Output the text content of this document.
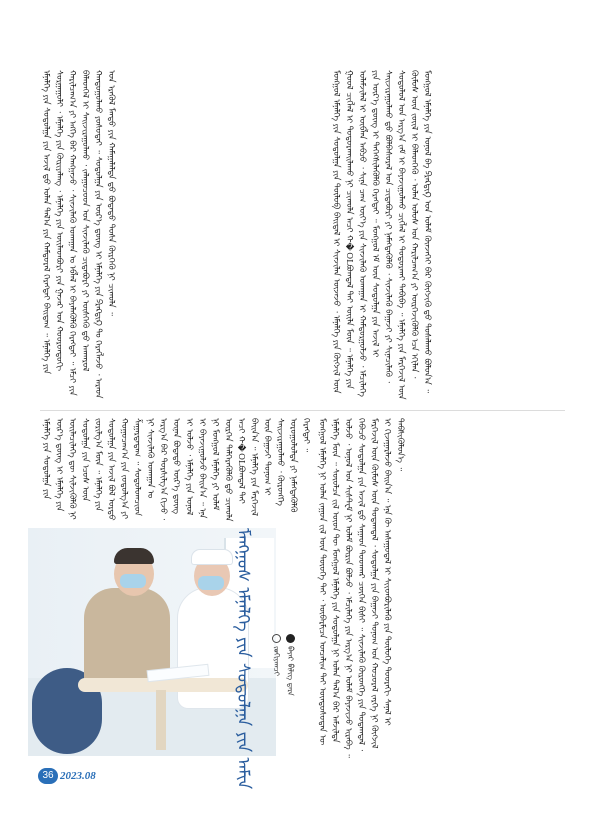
ᠮᠣᠩᠭᠣᠯ ᠡᠮᠨᠡᠯᠭᠡ ᠶᠢᠨ ᠰᠤᠳᠤᠯᠭᠠ ᠶᠢᠨ ᠲᠦᠯᠦᠪ ᠪᠠᠢᠳᠠᠯ ᠢ ᠰᠢᠨᠵᠢᠯᠡᠨ ᠦᠵᠡᠵᠦ ᠂ ᠡᠮᠨᠡᠯᠭᠡ ᠶᠢᠨ ᠬᠥᠭᠵᠢᠯ ᠦᠨ ᠭᠣᠣᠯ ᠴᠢᠭᠯᠡᠯ ᠢ ᠲᠣᠳᠣᠷᠬᠠᠢᠯᠠᠬᠤ ᠨᠢ ᠴᠢᠬᠤᠯᠠ ᠠᠴᠢ ᠬ�OLᠪᠣᠭᠳᠠᠯ ᠲᠠᠢ ᠦᠢᠯᠡ ᠮᠥᠨ ᠃ ᠡᠮᠨᠡᠯᠭᠡ ᠶᠢᠨ ᠤᠯᠠᠮᠵᠢᠯᠠᠯ ᠢ ᠥᠪᠯᠡᠨ ᠠᠪᠴᠤ ᠂ ᠰᠢᠨᠡ ᠴᠠᠭ ᠦᠶ᠎ᠡ ᠶᠢᠨ ᠰᠢᠨᠵᠢᠯᠡᠬᠦ ᠤᠬᠠᠭᠠᠨ ᠢ ᠬᠠᠮᠲᠤᠷᠭᠤᠯᠵᠤ ᠂ ᠡᠮᠴᠢᠯᠡᠭᠡ ᠶᠢᠨ ᠦᠷ᠎ᠡ ᠳ᠋ᠦᠩ ᠢ ᠳᠡᠭᠡᠭᠰᠢᠯᠡᠭᠦᠯᠬᠦ ᠬᠡᠷᠡᠭᠲᠡᠢ ᠃ ᠮᠣᠩᠭᠣᠯ ᠡᠮ ᠦᠨ ᠰᠤᠳᠤᠯᠭᠠ ᠶᠢᠨ ᠠᠵᠢᠯ ᠢ ᠰᠠᠢᠵᠢᠷᠠᠭᠤᠯᠬᠤ ᠳ᠋ᠤ ᠪᠤᠯᠪᠠᠰᠤᠷᠠᠯ ᠤᠨ ᠴᠢᠳᠠᠪᠤᠷᠢ ᠶᠢ ᠨᠡᠮᠡᠭᠳᠡᠭᠦᠯᠬᠦ ᠂ ᠰᠢᠨᠵᠢᠯᠡᠬᠦ ᠪᠠᠭᠠᠵᠢ ᠶᠢ ᠰᠢᠨᠡᠴᠢᠯᠡᠬᠦ ᠂ ᠰᠤᠳᠤᠯᠤᠯ ᠤᠨ ᠠᠷᠭ᠎ᠠ ᠵᠠᠮ ᠢ ᠪᠠᠶᠠᠵᠢᠭᠤᠯᠬᠤ ᠴᠢᠭᠯᠡᠯ ᠢ ᠲᠣᠳᠣᠷᠬᠠᠢ ᠲᠠᠪᠢᠪᠠ ᠃ ᠡᠮᠨᠡᠯᠭᠡ ᠶᠢᠨ ᠮᠡᠷᠭᠡᠵᠢᠯ ᠦᠨ ᠬᠦᠮᠦᠰ ᠦᠨ ᠵᠦᠢᠯ ᠢ ᠪᠡᠯᠡᠳᠬᠡᠬᠦ ᠂ ᠣᠯᠠᠨ ᠤᠯᠤᠰ ᠤᠨ ᠬᠠᠷᠢᠯᠴᠠᠭ᠎ᠠ ᠶᠢ ᠥᠷᠭᠡᠵᠢᠭᠦᠯᠬᠦ ᠡᠴᠡ ᠡᠬᠢᠯᠡᠨ ᠂ ᠮᠣᠩᠭᠣᠯ ᠡᠮᠨᠡᠯᠭᠡ ᠶᠢᠨ ᠣᠨᠣᠯ ᠪᠠ ᠫᠷᠠᠺᠲᠢᠺ ᠤᠨ ᠤᠯᠠᠮ ᠭᠦᠨᠵᠡᠭᠡᠢ ᠪᠠᠷ ᠬᠥᠭᠵᠢᠬᠦ ᠳ᠋ᠦ ᠲᠤᠰᠠᠯᠠᠬᠤ ᠪᠤᠯᠤᠨ᠎ᠠ ᠃

ᠡᠮᠨᠡᠯᠭᠡ ᠶᠢᠨ ᠰᠤᠳᠤᠯᠭᠠ ᠶᠢᠨ ᠠᠵᠢᠯ ᠳ᠋ᠤ ᠣᠯᠠᠨ ᠲᠠᠯ᠎ᠠ ᠶᠢᠨ ᠬᠠᠮᠲᠤᠷᠠᠯ ᠬᠡᠷᠡᠭᠲᠡᠢ ᠪᠠᠢᠳᠠᠭ ᠃ ᠡᠮᠨᠡᠯᠭᠡ ᠶᠢᠨ ᠰᠤᠷᠭᠠᠭᠤᠯᠢ ᠂ ᠡᠮᠨᠡᠯᠭᠡ ᠶᠢᠨ ᠬᠦᠷᠢᠶᠡᠯᠡᠩ ᠂ ᠡᠮᠨᠡᠯᠭᠡ ᠶᠢᠨ ᠦᠢᠯᠡᠳᠪᠦᠷᠢ ᠶᠢᠨ ᠭᠠᠵᠠᠷ ᠤᠨ ᠬᠣᠣᠷᠣᠨᠳᠣᠬᠢ ᠬᠠᠷᠢᠯᠴᠠᠭ᠎ᠠ ᠶᠢ ᠡᠩᠬᠡ ᠪᠠᠷ ᠬᠠᠩᠭᠠᠵᠤ ᠂ ᠰᠢᠨᠵᠢᠯᠡᠬᠦ ᠤᠬᠠᠭᠠᠨ ᠤ ᠡᠪᠯᠡᠯ ᠢ ᠪᠡᠶᠡᠯᠡᠭᠦᠯᠬᠦ ᠬᠡᠷᠡᠭᠲᠡᠢ ᠃ ᠡᠮᠴᠢ ᠶᠢᠨ ᠪᠡᠯᠡᠳᠬᠡᠯ ᠢ ᠰᠠᠢᠵᠢᠷᠠᠭᠤᠯᠬᠤ ᠂ ᠵᠠᠯᠠᠭᠤᠴᠤᠳ ᠤᠨ ᠰᠢᠨᠵᠢᠯᠡᠬᠦ ᠴᠢᠳᠠᠪᠤᠷᠢ ᠶᠢ ᠥᠰᠭᠡᠬᠦ ᠳ᠋ᠤ ᠠᠨᠬᠠᠷᠤᠯ ᠬᠠᠨᠳᠤᠭᠤᠯᠬᠤ ᠶᠣᠰᠣᠲᠠᠢ ᠃ ᠰᠤᠳᠤᠯᠭᠠ ᠶᠢᠨ ᠦᠷ᠎ᠡ ᠳ᠋ᠦᠩ ᠢ ᠡᠮᠨᠡᠯᠭᠡ ᠶᠢᠨ ᠫᠷᠠᠺᠲᠢᠺ ᠲᠤ ᠬᠡᠷᠡᠭᠯᠡᠵᠦ ᠂ ᠠᠷᠠᠳ ᠤᠨ ᠡᠷᠡᠭᠦᠯ ᠮᠡᠨᠳᠦ ᠶᠢᠨ ᠬᠠᠮᠠᠭᠠᠯᠠᠯᠲᠠ ᠳ᠋ᠤ ᠪᠣᠳᠠᠲᠤ ᠲᠤᠰᠠ ᠬᠦᠷᠭᠡᠬᠦ ᠨᠢ ᠴᠢᠬᠤᠯᠠ ᠃

ᠮᠣᠩᠭᠣᠯ ᠡᠮᠨᠡᠯᠭᠡ ᠨᠢ ᠣᠯᠠᠨ ᠵᠠᠭᠤᠨ ᠵᠢᠯ ᠦᠨ ᠲᠦᠦᠬᠡ ᠲᠠᠢ ᠂ ᠥᠪᠡᠷᠮᠢᠴᠡ ᠣᠨᠴᠠᠯᠢᠭ ᠲᠠᠢ ᠦᠨᠳᠦᠰᠦᠲᠡᠨ ᠦ ᠡᠮᠨᠡᠯᠭᠡ ᠮᠥᠨ ᠃ ᠰᠦᠦᠯᠴᠡ ᠵᠢᠯ ᠦᠳ ᠲᠦ ᠮᠣᠩᠭᠣᠯ ᠡᠮᠨᠡᠯᠭᠡ ᠶᠢᠨ ᠰᠤᠳᠤᠯᠭᠠ ᠨᠢ ᠣᠯᠠᠨ ᠲᠠᠯ᠎ᠠ ᠪᠠᠷ ᠠᠮᠵᠢᠯᠲᠠ ᠣᠯᠵᠤ ᠂ ᠣᠨᠣᠯ ᠤᠨ ᠰᠢᠰᠲ᠋ᠧᠮ ᠨᠢ ᠤᠯᠠᠮ ᠪᠦᠷᠢᠨ ᠪᠣᠯᠵᠤ ᠂ ᠡᠮᠴᠢᠯᠡᠭᠡ ᠶᠢᠨ ᠠᠷᠭ᠎ᠠ ᠨᠢ ᠤᠯᠠᠮ ᠪᠠᠶᠠᠵᠢᠵᠤ ᠢᠷᠡᠪᠡ ᠃ ᠭᠡᠪᠡᠴᠦ ᠰᠤᠳᠤᠯᠭᠠ ᠶᠢᠨ ᠠᠵᠢᠯ ᠳ᠋ᠤ ᠰᠠᠭᠠᠳ ᠲᠤᠳᠬᠠᠷ ᠴᠥᠭᠡᠨ ᠪᠢᠰᠢ ᠃ ᠰᠢᠨᠵᠢᠯᠡᠬᠦ ᠬᠥᠷᠦᠩᠭᠡ ᠶᠢᠨ ᠳᠤᠲᠠᠭᠳᠠᠯ ᠂ ᠮᠡᠷᠭᠡᠵᠢᠯ ᠦᠨ ᠬᠦᠮᠦᠰ ᠦᠨ ᠳᠤᠲᠠᠭᠳᠠᠯ ᠂ ᠰᠤᠳᠤᠯᠭᠠ ᠶᠢᠨ ᠪᠠᠭᠠᠵᠢ ᠲᠣᠨᠣᠭ ᠤᠨ ᠬᠣᠴᠤᠷᠠᠯ ᠵᠡᠷᠭᠡ ᠨᠢ ᠬᠥᠭᠵᠢᠯ ᠢ ᠬᠢᠵᠠᠭᠠᠷᠯᠠᠵᠤ ᠪᠠᠢᠨ᠎ᠠ ᠃ ᠡᠨᠡ ᠬᠦ ᠠᠰᠠᠭᠤᠳᠠᠯ ᠢ ᠰᠢᠢᠳᠪᠦᠷᠢᠯᠡᠬᠦ ᠶᠢᠨ ᠲᠥᠯᠦᠭᠡ ᠳᠣᠣᠷᠠᠬᠢ ᠰᠠᠨᠠᠯ ᠢ ᠳᠡᠪᠰᠢᠭᠦᠯᠦᠨ᠎ᠡ ᠃

ᠡᠮᠨᠡᠯᠭᠡ ᠶᠢᠨ ᠰᠤᠳᠤᠯᠭᠠ ᠶᠢᠨ ᠦᠷ᠎ᠡ ᠳ᠋ᠦᠩ ᠢ ᠡᠮᠨᠡᠯᠭᠡ ᠶᠢᠨ ᠦᠢᠯᠡᠴᠢᠯᠡᠭᠡ ᠳᠦ ᠰᠢᠯᠵᠢᠭᠦᠯᠬᠦ ᠨᠢ ᠰᠤᠳᠤᠯᠭᠠ ᠶᠢᠨ ᠡᠴᠦᠰ ᠦᠨ ᠵᠣᠷᠢᠯᠭ᠎ᠠ ᠮᠥᠨ ᠃ ᠡᠮᠨᠡᠯᠭᠡ ᠶᠢᠨ ᠰᠤᠳᠤᠯᠭᠠ ᠶᠢᠨ ᠠᠵᠢᠯ ᠪᠣᠯ ᠤᠷᠲᠤ ᠬᠤᠭᠤᠴᠠᠭ᠎ᠠ ᠶᠢᠨ ᠵᠣᠳᠣᠯᠭ᠎ᠠ ᠶᠢ ᠱᠠᠭᠠᠷᠳᠠᠳᠠᠭ ᠃ ᠰᠤᠳᠤᠯᠤᠭᠴᠢᠳ ᠨᠢ ᠰᠢᠨᠵᠢᠯᠡᠬᠦ ᠤᠬᠠᠭᠠᠨ ᠤ ᠠᠷᠭ᠎ᠠ ᠪᠠᠷ ᠲᠤᠷᠰᠢᠯᠭ᠎ᠠ ᠬᠢᠵᠦ ᠂ ᠦᠨᠡᠨ ᠪᠣᠳᠠᠲᠤ ᠦᠷ᠎ᠡ ᠳ᠋ᠦᠩ ᠢ ᠣᠯᠵᠤ ᠂ ᠡᠮᠨᠡᠯᠭᠡ ᠶᠢᠨ ᠣᠨᠣᠯ ᠢ ᠪᠠᠶᠠᠵᠢᠭᠤᠯᠵᠤ ᠪᠠᠢᠨ᠎ᠠ ᠃ ᠡᠨᠡ ᠨᠢ ᠮᠣᠩᠭᠣᠯ ᠡᠮᠨᠡᠯᠭᠡ ᠶᠢ ᠤᠯᠠᠮ ᠥᠷᠭᠡᠨ ᠳᠡᠯᠭᠡᠷᠡᠭᠦᠯᠬᠦ ᠳ᠋ᠦ ᠴᠢᠬᠤᠯᠠ ᠠᠴᠢ ᠬ�OLᠪᠣᠭᠳᠠᠯ ᠲᠠᠢ ᠪᠠᠢᠨ᠎ᠠ ᠃ ᠡᠮᠨᠡᠯᠭᠡ ᠶᠢᠨ ᠮᠡᠷᠭᠡᠵᠢᠯ ᠦᠨ ᠪᠠᠭᠠᠵᠢ ᠲᠣᠨᠣᠭ ᠢ ᠰᠠᠢᠵᠢᠷᠠᠭᠤᠯᠬᠤ ᠂ ᠬᠥᠷᠦᠩᠭᠡ ᠣᠷᠣᠭᠤᠯᠤᠯᠲᠠ ᠶᠢ ᠨᠡᠮᠡᠭᠳᠡᠭᠦᠯᠬᠦ ᠬᠡᠷᠡᠭᠲᠡᠢ ᠃

ᠮᠠᠩᠭᠤᠰ ᠡᠮᠨᠡᠯᠭᠡ ᠶᠢᠨ ᠰᠤᠳᠤᠯᠭᠠ ᠶᠢᠨ ᠠᠮᠢᠨ	ᠵᠣᠬᠢᠶᠠᠭᠴᠢ ᠪᠠᠶᠠᠷ ᠪᠢᠯᠢᠭ ᠳ᠋ᠠᠷᠠ
36 2023.08
